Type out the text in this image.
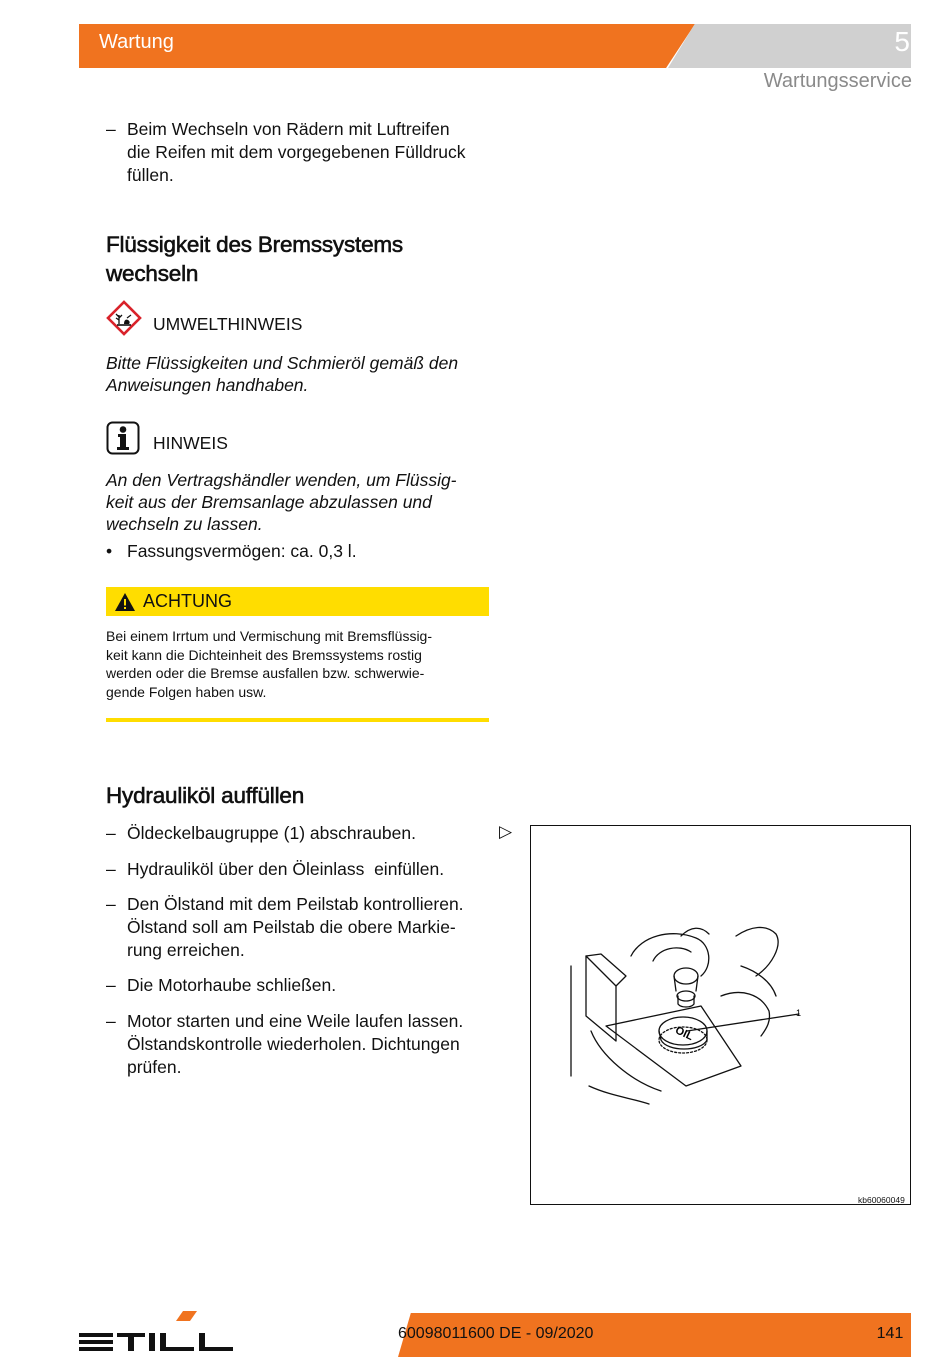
Wartung	5
Wartungsservice
– Beim Wechseln von Rädern mit Luftreifen
die Reifen mit dem vorgegebenen Fülldruck
füllen.
Flüssigkeit des Bremssystems
wechseln
UMWELTHINWEIS
Bitte Flüssigkeiten und Schmieröl gemäß den
Anweisungen handhaben.
HINWEIS
An den Vertragshändler wenden, um Flüssig-
keit aus der Bremsanlage abzulassen und
wechseln zu lassen.
• Fassungsvermögen: ca. 0,3 l.
ACHTUNG
Bei einem Irrtum und Vermischung mit Bremsflüssig-
keit kann die Dichteinheit des Bremssystems rostig
werden oder die Bremse ausfallen bzw. schwerwie-
gende Folgen haben usw.
Hydrauliköl auffüllen
– Öldeckelbaugruppe (1) abschrauben.
– Hydrauliköl über den Öleinlass  einfüllen.
– Den Ölstand mit dem Peilstab kontrollieren.
Ölstand soll am Peilstab die obere Markie-
rung erreichen.
– Die Motorhaube schließen.
– Motor starten und eine Weile laufen lassen.
Ölstandskontrolle wiederholen. Dichtungen
prüfen.
▷
OIL
1
kb60060049
STILL
60098011600 DE - 09/2020	141
